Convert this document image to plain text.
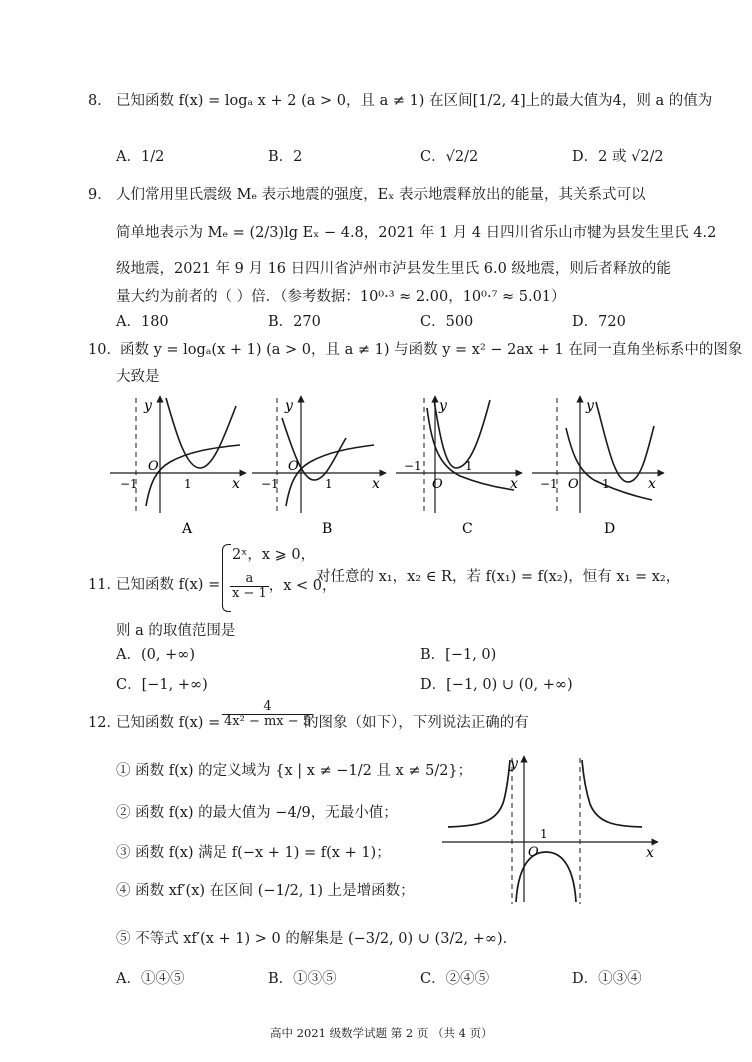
8． 已知函数 f(x) = logₐ x + 2 (a > 0，且 a ≠ 1) 在区间[1/2, 4]上的最大值为4，则 a 的值为
A．1/2	B．2	C．√2/2	D．2 或 √2/2
9． 人们常用里氏震级 Mₑ 表示地震的强度，Eₓ 表示地震释放出的能量，其关系式可以
简单地表示为 Mₑ = (2/3)lg Eₓ − 4.8，2021 年 1 月 4 日四川省乐山市犍为县发生里氏 4.2
级地震，2021 年 9 月 16 日四川省泸州市泸县发生里氏 6.0 级地震，则后者释放的能
量大约为前者的（ ）倍．（参考数据：10⁰·³ ≈ 2.00，10⁰·⁷ ≈ 5.01）
A．180	B．270	C．500	D．720
10． 函数 y = logₐ(x + 1) (a > 0，且 a ≠ 1) 与函数 y = x² − 2ax + 1 在同一直角坐标系中的图象
大致是
y
x
O
−1	1
A
y
x
O
−1	1
B
y
x
O
−1	1
C
y
x
O
−1	1
D
11．
已知函数 f(x) =
2ˣ，x ⩾ 0，
$\frac{a}{x - 1}$ ，x < 0，
对任意的 x₁，x₂ ∈ R，若 f(x₁) = f(x₂)，恒有 x₁ = x₂，
则 a 的取值范围是
A．(0, +∞)	B．[−1, 0)
C．[−1, +∞)	D．[−1, 0) ∪ (0, +∞)
12．
已知函数 $f(x) = \frac{4}{\text{4x² − mx − 5}}$
的图象（如下），下列说法正确的有
① 函数 f(x) 的定义域为 {x | x ≠ −1/2 且 x ≠ 5/2}；
② 函数 f(x) 的最大值为 −4/9，无最小值；
③ 函数 f(x) 满足 f(−x + 1) = f(x + 1)；
④ 函数 xf′(x) 在区间 (−1/2, 1) 上是增函数；
⑤ 不等式 xf′(x + 1) > 0 的解集是 (−3/2, 0) ∪ (3/2, +∞)．
y
x
O
1
A．①④⑤	B．①③⑤	C．②④⑤	D．①③④
高中 2021 级数学试题 第 2 页 （共 4 页）
